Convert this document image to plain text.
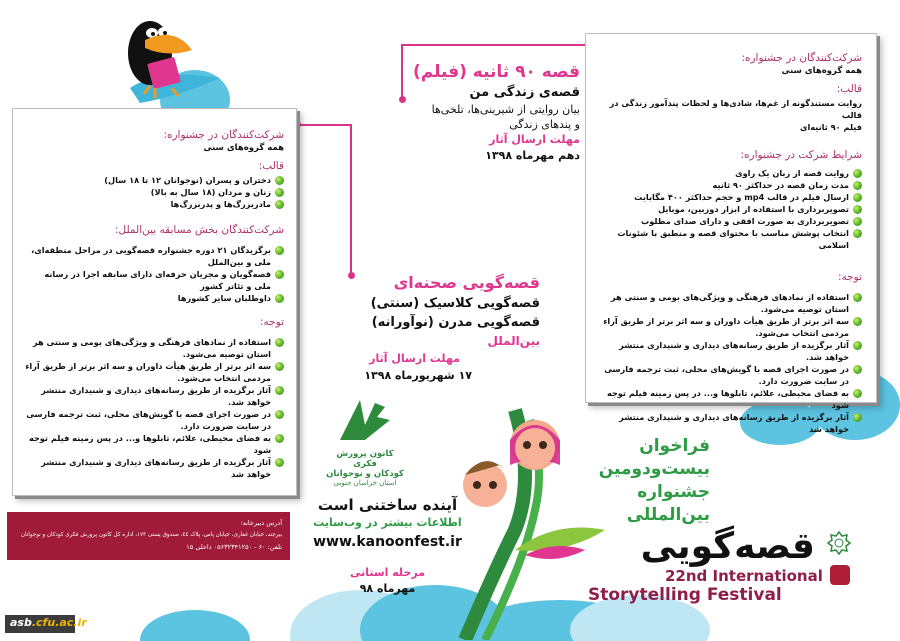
قصه ۹۰ ثانیه (فیلم)
قصه‌ی زندگی من
بیان روایتی از شیرینی‌ها، تلخی‌ها
و پندهای زندگی
مهلت ارسال آثار
دهم مهرماه ۱۳۹۸
شرکت‌کنندگان در جشنواره:
همه گروه‌های سنی
قالب:
روایت مستندگونه از غم‌ها، شادی‌ها و لحظات پندآموز زندگی در قالب
فیلم ۹۰ ثانیه‌ای
شرایط شرکت در جشنواره:
روایت قصه از زبان یک راوی
مدت زمان قصه در حداکثر ۹۰ ثانیه
ارسال فیلم در قالب mp4 و حجم حداکثر ۴۰۰ مگابایت
تصویربرداری با استفاده از ابزار دوربین، موبایل
تصویربرداری به صورت افقی و دارای صدای مطلوب
انتخاب پوشش مناسب با محتوای قصه و منطبق با شئونات اسلامی
توجه:
استفاده از نمادهای فرهنگی و ویژگی‌های بومی و سنتی هر استان توصیه می‌شود.
سه اثر برتر از طریق هیأت داوران و سه اثر برتر از طریق آراء مردمی انتخاب می‌شود.
آثار برگزیده از طریق رسانه‌های دیداری و شنیداری منتشر خواهد شد.
در صورت اجرای قصه با گویش‌های محلی، ثبت ترجمه فارسی در سایت ضرورت دارد.
به فضای محیطی، علائم، تابلوها و... در پس زمینه فیلم توجه شود
آثار برگزیده از طریق رسانه‌های دیداری و شنیداری منتشر خواهد شد
شرکت‌کنندگان در جشنواره:
همه گروه‌های سنی
قالب:
دختران و پسران (نوجوانان ۱۲ تا ۱۸ سال)
زنان و مردان (۱۸ سال به بالا)
مادربزرگ‌ها و پدربزرگ‌ها
شرکت‌کنندگان بخش مسابقه بین‌الملل:
برگزیدگان ۲۱ دوره جشنواره قصه‌گویی در مراحل منطقه‌ای، ملی و بین‌الملل
قصه‌گویان و مجریان حرفه‌ای دارای سابقه اجرا در رسانه ملی و تئاتر کشور
داوطلبان سایر کشورها
توجه:
استفاده از نمادهای فرهنگی و ویژگی‌های بومی و سنتی هر استان توصیه می‌شود.
سه اثر برتر از طریق هیأت داوران و سه اثر برتر از طریق آراء مردمی انتخاب می‌شود.
آثار برگزیده از طریق رسانه‌های دیداری و شنیداری منتشر خواهد شد.
در صورت اجرای قصه با گویش‌های محلی، ثبت ترجمه فارسی در سایت ضرورت دارد.
به فضای محیطی، علائم، تابلوها و... در پس زمینه فیلم توجه شود
آثار برگزیده از طریق رسانه‌های دیداری و شنیداری منتشر خواهد شد
قصه‌گویی صحنه‌ای
قصه‌گویی کلاسیک (سنتی)
قصه‌گویی مدرن (نوآورانه)
بین‌الملل
مهلت ارسال آثار
۱۷ شهریورماه ۱۳۹۸
کانون پرورش فکری
کودکان و نوجوانان
استان خراسان جنوبی
آینده ساختنی است
اطلاعات بیشتر در وب‌سایت
www.kanoonfest.ir
مرحله استانی
مهرماه ۹۸
آدرس دبیرخانه:
بیرجند، خیابان غفاری، خیابان پاس، پلاک ٤٤، صندوق پستی ۱۷۳، اداره کل کانون پرورش فکری کودکان و نوجوانان
تلفن: ۶۰ - ۰۵۶۳۲۳۴۱۲۵۰ داخلی ۱۵
فراخوان
بیست‌ودومین
جشنواره
بین‌المللی
قصه‌گویی
22nd International
Storytelling Festival
asb.cfu.ac.ir
